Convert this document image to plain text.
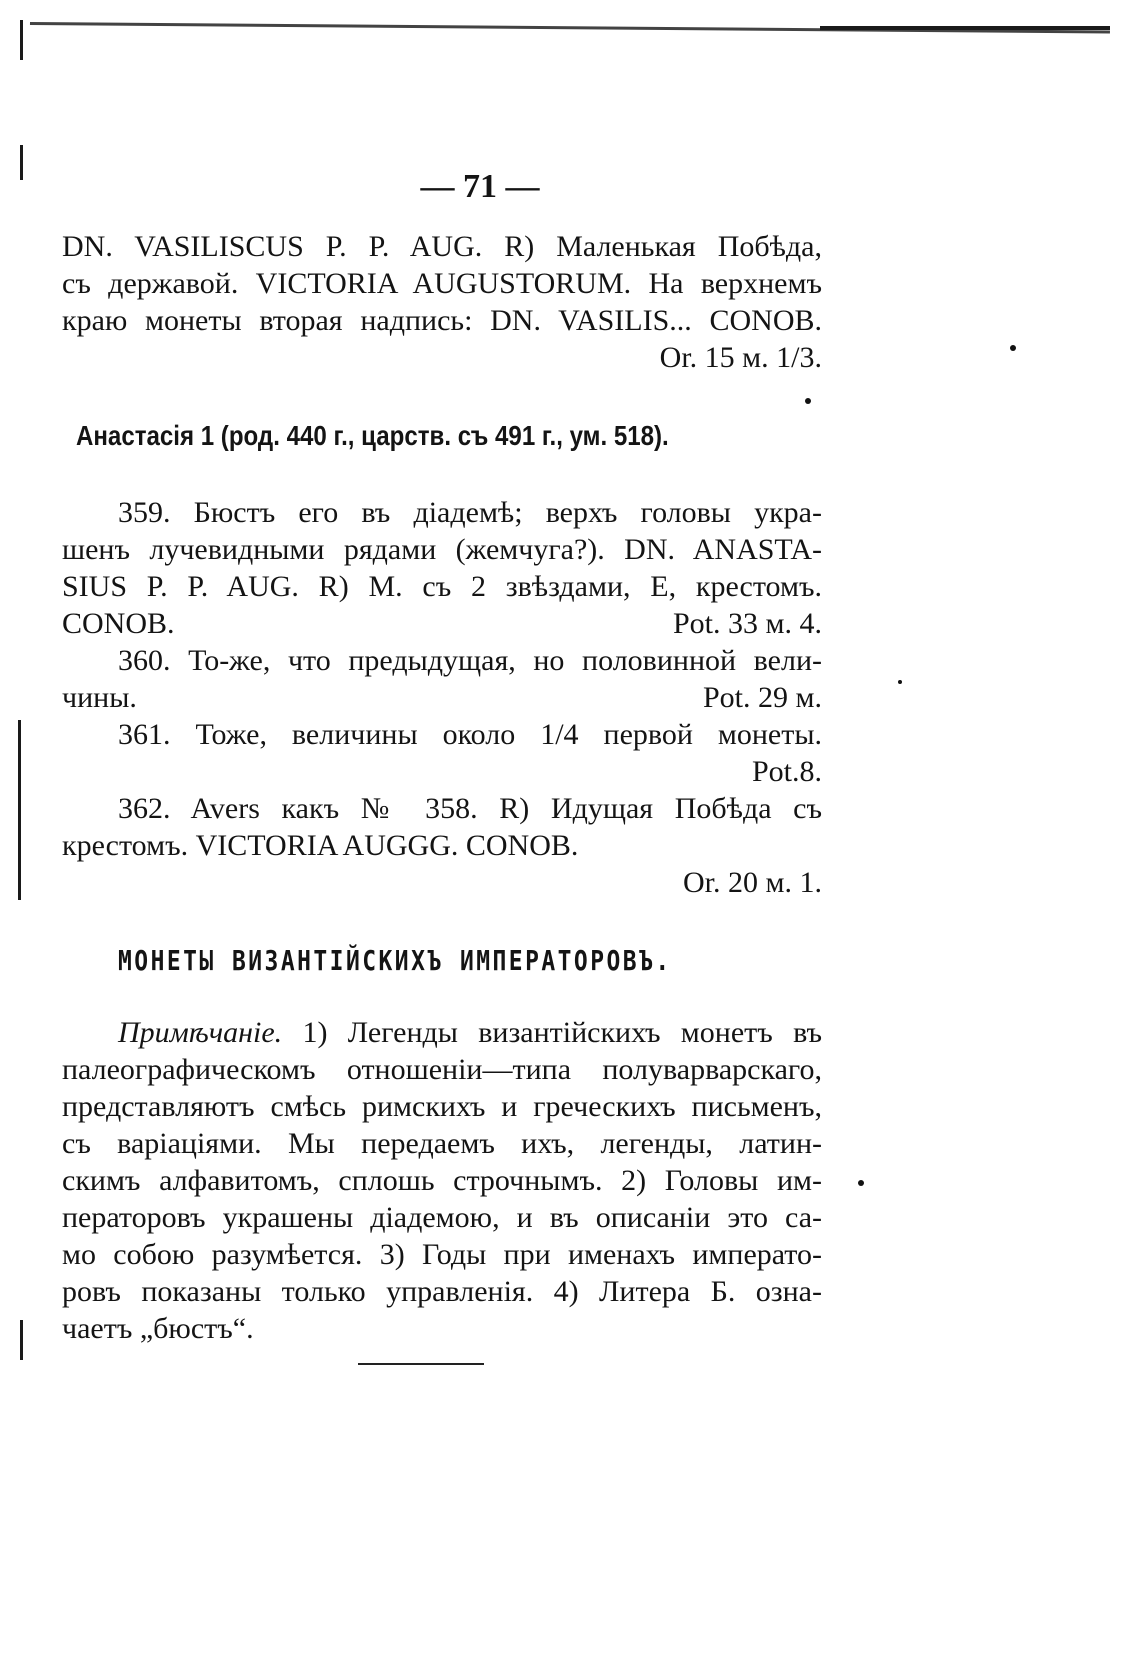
— 71 —
DN. VASILISCUS P. P. AUG. R) Маленькая Побѣда,
съ державой. VICTORIA AUGUSTORUM. На верхнемъ
краю монеты вторая надпись: DN. VASILIS... CONOB.
Or. 15 м. 1/3.
Анастасія 1 (род. 440 г., царств. съ 491 г., ум. 518).
359. Бюстъ его въ діадемѣ; верхъ головы укра-
шенъ лучевидными рядами (жемчуга?). DN. ANASTA-
SIUS P. P. AUG. R) М. съ 2 звѣздами, Е, крестомъ.
CONOB.	Pot. 33 м. 4.
360. То-же, что предыдущая, но половинной вели-
чины.	Pot. 29 м.
361. Тоже, величины около 1/4 первой монеты.
Pot.8.
362. Avers какъ № 358. R) Идущая Побѣда съ
крестомъ. VICTORIA AUGGG. CONOB.
Or. 20 м. 1.
МОНЕТЫ ВИЗАНТІЙСКИХЪ ИМПЕРАТОРОВЪ.
Примѣчаніе. 1) Легенды византійскихъ монетъ въ
палеографическомъ отношеніи—типа полуварварскаго,
представляютъ смѣсь римскихъ и греческихъ письменъ,
съ варіаціями. Мы передаемъ ихъ, легенды, латин-
скимъ алфавитомъ, сплошь строчнымъ. 2) Головы им-
ператоровъ украшены діадемою, и въ описаніи это са-
мо собою разумѣется. 3) Годы при именахъ императо-
ровъ показаны только управленія. 4) Литера Б. озна-
чаетъ „бюстъ“.
